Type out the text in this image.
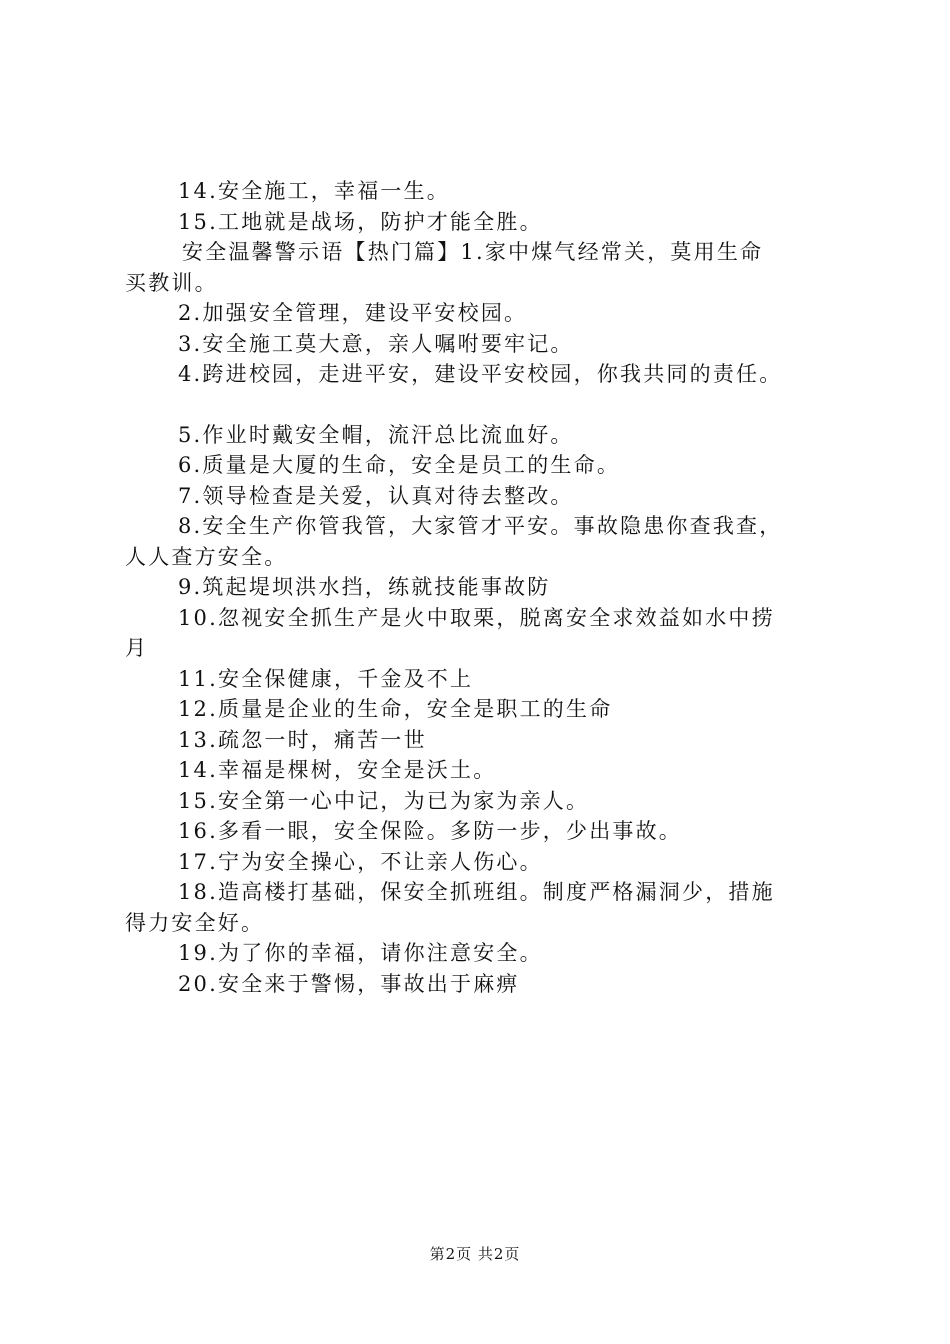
14.安全施工，幸福一生。

15.工地就是战场，防护才能全胜。

安全温馨警示语【热门篇】1.家中煤气经常关，莫用生命

买教训。

2.加强安全管理，建设平安校园。

3.安全施工莫大意，亲人嘱咐要牢记。

4.跨进校园，走进平安，建设平安校园，你我共同的责任。

5.作业时戴安全帽，流汗总比流血好。

6.质量是大厦的生命，安全是员工的生命。

7.领导检查是关爱，认真对待去整改。

8.安全生产你管我管，大家管才平安。事故隐患你查我查，

人人查方安全。

9.筑起堤坝洪水挡，练就技能事故防

10.忽视安全抓生产是火中取栗，脱离安全求效益如水中捞

月

11.安全保健康，千金及不上

12.质量是企业的生命，安全是职工的生命

13.疏忽一时，痛苦一世

14.幸福是棵树，安全是沃土。

15.安全第一心中记，为已为家为亲人。

16.多看一眼，安全保险。多防一步，少出事故。

17.宁为安全操心，不让亲人伤心。

18.造高楼打基础，保安全抓班组。制度严格漏洞少，措施

得力安全好。

19.为了你的幸福，请你注意安全。

20.安全来于警惕，事故出于麻痹

第2页 共2页
